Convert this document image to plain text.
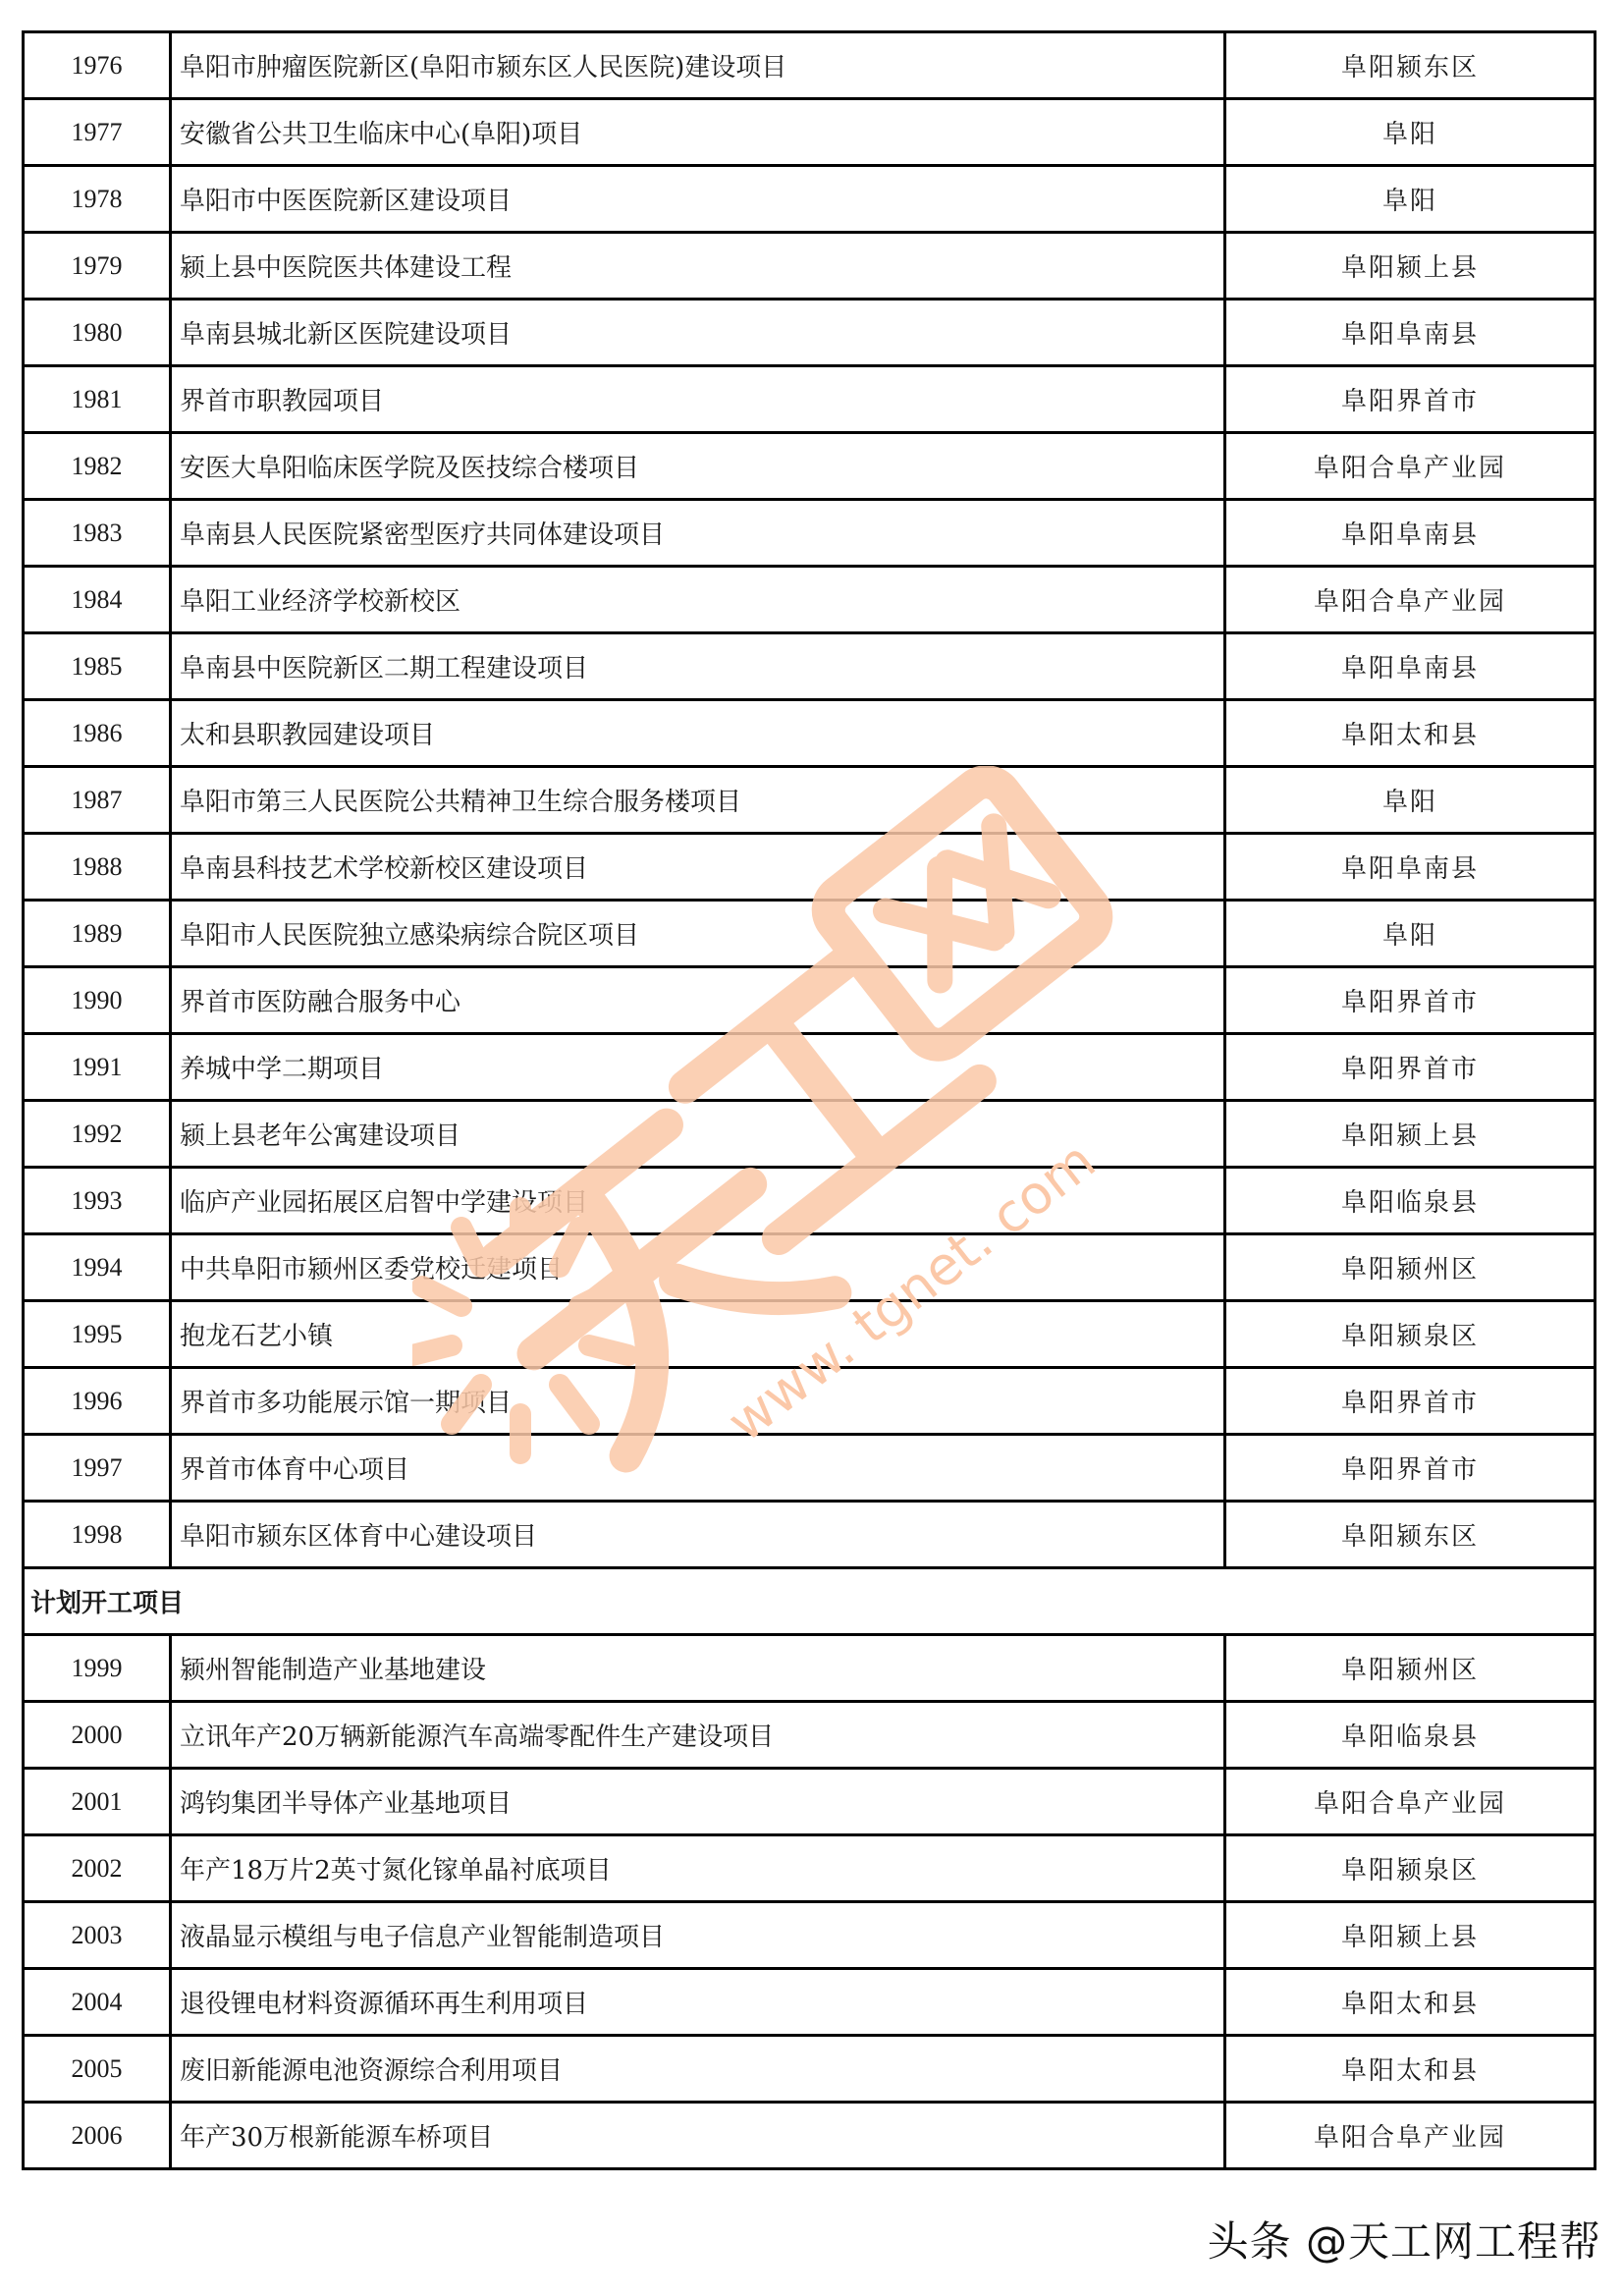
1976	阜阳市肿瘤医院新区(阜阳市颍东区人民医院)建设项目	阜阳颍东区
1977	安徽省公共卫生临床中心(阜阳)项目	阜阳
1978	阜阳市中医医院新区建设项目	阜阳
1979	颍上县中医院医共体建设工程	阜阳颍上县
1980	阜南县城北新区医院建设项目	阜阳阜南县
1981	界首市职教园项目	阜阳界首市
1982	安医大阜阳临床医学院及医技综合楼项目	阜阳合阜产业园
1983	阜南县人民医院紧密型医疗共同体建设项目	阜阳阜南县
1984	阜阳工业经济学校新校区	阜阳合阜产业园
1985	阜南县中医院新区二期工程建设项目	阜阳阜南县
1986	太和县职教园建设项目	阜阳太和县
1987	阜阳市第三人民医院公共精神卫生综合服务楼项目	阜阳
1988	阜南县科技艺术学校新校区建设项目	阜阳阜南县
1989	阜阳市人民医院独立感染病综合院区项目	阜阳
1990	界首市医防融合服务中心	阜阳界首市
1991	养城中学二期项目	阜阳界首市
1992	颍上县老年公寓建设项目	阜阳颍上县
1993	临庐产业园拓展区启智中学建设项目	阜阳临泉县
1994	中共阜阳市颍州区委党校迁建项目	阜阳颍州区
1995	抱龙石艺小镇	阜阳颍泉区
1996	界首市多功能展示馆一期项目	阜阳界首市
1997	界首市体育中心项目	阜阳界首市
1998	阜阳市颍东区体育中心建设项目	阜阳颍东区
计划开工项目		
1999	颍州智能制造产业基地建设	阜阳颍州区
2000	立讯年产20万辆新能源汽车高端零配件生产建设项目	阜阳临泉县
2001	鸿钧集团半导体产业基地项目	阜阳合阜产业园
2002	年产18万片2英寸氮化镓单晶衬底项目	阜阳颍泉区
2003	液晶显示模组与电子信息产业智能制造项目	阜阳颍上县
2004	退役锂电材料资源循环再生利用项目	阜阳太和县
2005	废旧新能源电池资源综合利用项目	阜阳太和县
2006	年产30万根新能源车桥项目	阜阳合阜产业园
www. tgnet. com
头条 @天工网工程帮
